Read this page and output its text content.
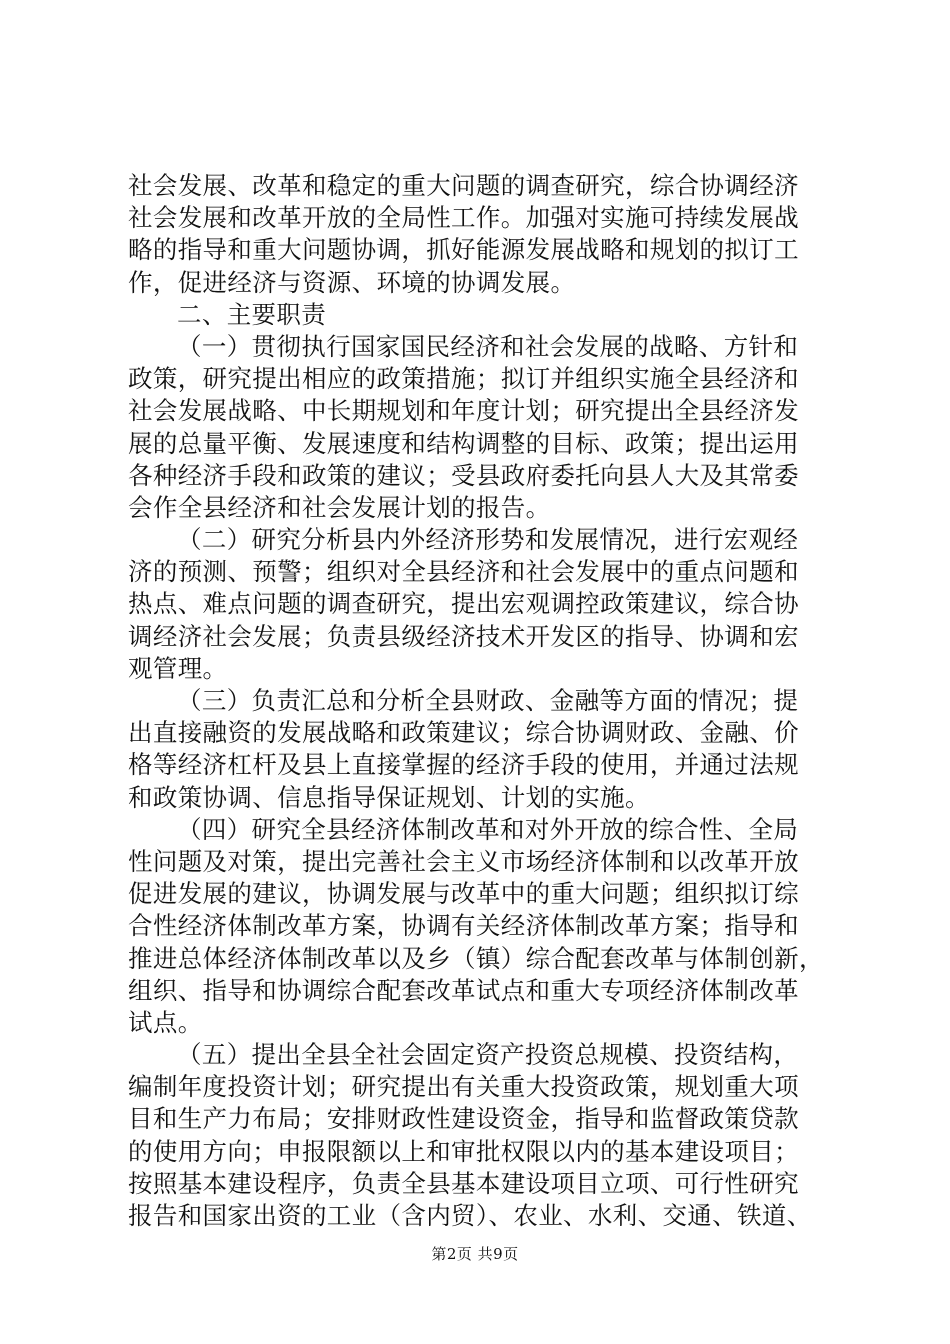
社会发展、改革和稳定的重大问题的调查研究，综合协调经济
社会发展和改革开放的全局性工作。加强对实施可持续发展战
略的指导和重大问题协调，抓好能源发展战略和规划的拟订工
作，促进经济与资源、环境的协调发展。
二、主要职责
（一）贯彻执行国家国民经济和社会发展的战略、方针和
政策，研究提出相应的政策措施；拟订并组织实施全县经济和
社会发展战略、中长期规划和年度计划；研究提出全县经济发
展的总量平衡、发展速度和结构调整的目标、政策；提出运用
各种经济手段和政策的建议；受县政府委托向县人大及其常委
会作全县经济和社会发展计划的报告。
（二）研究分析县内外经济形势和发展情况，进行宏观经
济的预测、预警；组织对全县经济和社会发展中的重点问题和
热点、难点问题的调查研究，提出宏观调控政策建议，综合协
调经济社会发展；负责县级经济技术开发区的指导、协调和宏
观管理。
（三）负责汇总和分析全县财政、金融等方面的情况；提
出直接融资的发展战略和政策建议；综合协调财政、金融、价
格等经济杠杆及县上直接掌握的经济手段的使用，并通过法规
和政策协调、信息指导保证规划、计划的实施。
（四）研究全县经济体制改革和对外开放的综合性、全局
性问题及对策，提出完善社会主义市场经济体制和以改革开放
促进发展的建议，协调发展与改革中的重大问题；组织拟订综
合性经济体制改革方案，协调有关经济体制改革方案；指导和
推进总体经济体制改革以及乡（镇）综合配套改革与体制创新，
组织、指导和协调综合配套改革试点和重大专项经济体制改革
试点。
（五）提出全县全社会固定资产投资总规模、投资结构，
编制年度投资计划；研究提出有关重大投资政策，规划重大项
目和生产力布局；安排财政性建设资金，指导和监督政策贷款
的使用方向；申报限额以上和审批权限以内的基本建设项目；
按照基本建设程序，负责全县基本建设项目立项、可行性研究
报告和国家出资的工业（含内贸）、农业、水利、交通、铁道、
第2页 共9页
